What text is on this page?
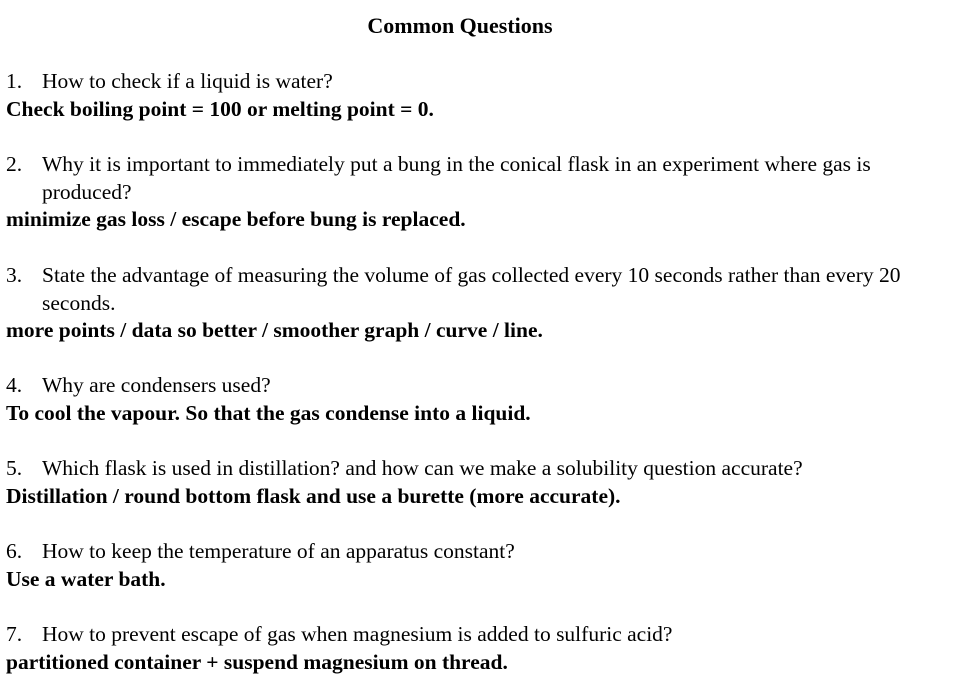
Common Questions
1. How to check if a liquid is water?
Check boiling point = 100 or melting point = 0.
2. Why it is important to immediately put a bung in the conical flask in an experiment where gas is produced?
minimize gas loss / escape before bung is replaced.
3. State the advantage of measuring the volume of gas collected every 10 seconds rather than every 20 seconds.
more points / data so better / smoother graph / curve / line.
4. Why are condensers used?
To cool the vapour. So that the gas condense into a liquid.
5. Which flask is used in distillation? and how can we make a solubility question accurate?
Distillation / round bottom flask and use a burette (more accurate).
6. How to keep the temperature of an apparatus constant?
Use a water bath.
7. How to prevent escape of gas when magnesium is added to sulfuric acid?
partitioned container + suspend magnesium on thread.
